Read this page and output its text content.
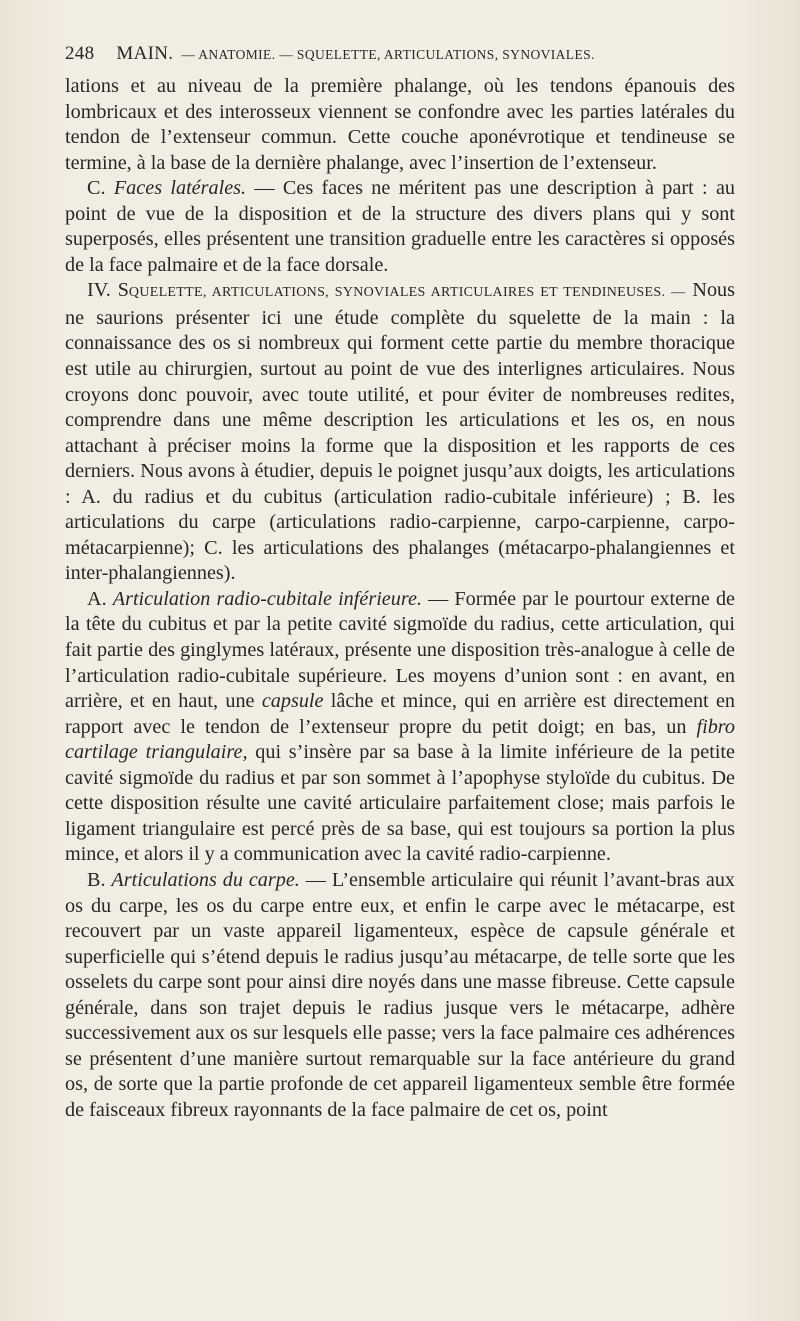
248 MAIN. — ANATOMIE. — SQUELETTE, ARTICULATIONS, SYNOVIALES.

lations et au niveau de la première phalange, où les tendons épanouis des lombricaux et des interosseux viennent se confondre avec les parties latérales du tendon de l’extenseur commun. Cette couche aponévrotique et tendineuse se termine, à la base de la dernière phalange, avec l’insertion de l’extenseur.

C. Faces latérales. — Ces faces ne méritent pas une description à part : au point de vue de la disposition et de la structure des divers plans qui y sont superposés, elles présentent une transition graduelle entre les caractères si opposés de la face palmaire et de la face dorsale.

IV. SQUELETTE, ARTICULATIONS, SYNOVIALES ARTICULAIRES ET TENDINEUSES. — Nous ne saurions présenter ici une étude complète du squelette de la main : la connaissance des os si nombreux qui forment cette partie du membre thoracique est utile au chirurgien, surtout au point de vue des interlignes articulaires. Nous croyons donc pouvoir, avec toute utilité, et pour éviter de nombreuses redites, comprendre dans une même description les articulations et les os, en nous attachant à préciser moins la forme que la disposition et les rapports de ces derniers. Nous avons à étudier, depuis le poignet jusqu’aux doigts, les articulations : A. du radius et du cubitus (articulation radio-cubitale inférieure) ; B. les articulations du carpe (articulations radio-carpienne, carpo-carpienne, carpo-métacarpienne); C. les articulations des phalanges (métacarpo-phalangiennes et inter-phalangiennes).

A. Articulation radio-cubitale inférieure. — Formée par le pourtour externe de la tête du cubitus et par la petite cavité sigmoïde du radius, cette articulation, qui fait partie des ginglymes latéraux, présente une disposition très-analogue à celle de l’articulation radio-cubitale supérieure. Les moyens d’union sont : en avant, en arrière, et en haut, une capsule lâche et mince, qui en arrière est directement en rapport avec le tendon de l’extenseur propre du petit doigt; en bas, un fibro cartilage triangulaire, qui s’insère par sa base à la limite inférieure de la petite cavité sigmoïde du radius et par son sommet à l’apophyse styloïde du cubitus. De cette disposition résulte une cavité articulaire parfaitement close; mais parfois le ligament triangulaire est percé près de sa base, qui est toujours sa portion la plus mince, et alors il y a communication avec la cavité radio-carpienne.

B. Articulations du carpe. — L’ensemble articulaire qui réunit l’avant-bras aux os du carpe, les os du carpe entre eux, et enfin le carpe avec le métacarpe, est recouvert par un vaste appareil ligamenteux, espèce de capsule générale et superficielle qui s’étend depuis le radius jusqu’au métacarpe, de telle sorte que les osselets du carpe sont pour ainsi dire noyés dans une masse fibreuse. Cette capsule générale, dans son trajet depuis le radius jusque vers le métacarpe, adhère successivement aux os sur lesquels elle passe; vers la face palmaire ces adhérences se présentent d’une manière surtout remarquable sur la face antérieure du grand os, de sorte que la partie profonde de cet appareil ligamenteux semble être formée de faisceaux fibreux rayonnants de la face palmaire de cet os, point
